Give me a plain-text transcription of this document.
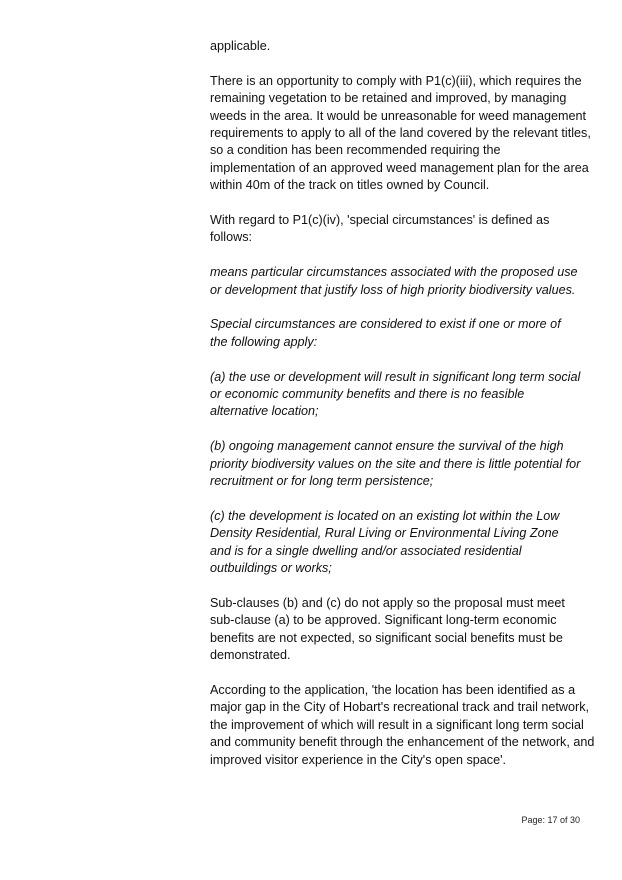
applicable.

There is an opportunity to comply with P1(c)(iii), which requires the
remaining vegetation to be retained and improved, by managing
weeds in the area. It would be unreasonable for weed management
requirements to apply to all of the land covered by the relevant titles,
so a condition has been recommended requiring the
implementation of an approved weed management plan for the area
within 40m of the track on titles owned by Council.

With regard to P1(c)(iv), 'special circumstances' is defined as
follows:

means particular circumstances associated with the proposed use
or development that justify loss of high priority biodiversity values.

Special circumstances are considered to exist if one or more of
the following apply:

(a) the use or development will result in significant long term social
or economic community benefits and there is no feasible
alternative location;

(b) ongoing management cannot ensure the survival of the high
priority biodiversity values on the site and there is little potential for
recruitment or for long term persistence;

(c) the development is located on an existing lot within the Low
Density Residential, Rural Living or Environmental Living Zone
and is for a single dwelling and/or associated residential
outbuildings or works;

Sub-clauses (b) and (c) do not apply so the proposal must meet
sub-clause (a) to be approved. Significant long-term economic
benefits are not expected, so significant social benefits must be
demonstrated.

According to the application, 'the location has been identified as a
major gap in the City of Hobart's recreational track and trail network,
the improvement of which will result in a significant long term social
and community benefit through the enhancement of the network, and
improved visitor experience in the City's open space'.

Page: 17 of 30
